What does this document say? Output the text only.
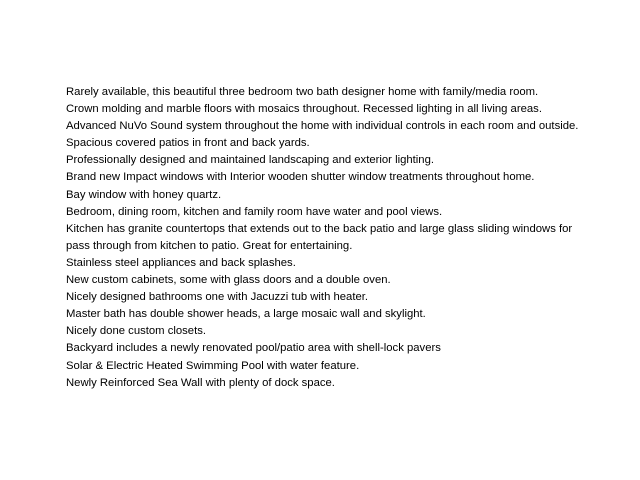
Rarely available, this beautiful three bedroom two bath designer home with family/media room.
Crown molding and marble floors with mosaics throughout. Recessed lighting in all living areas.
Advanced NuVo Sound system throughout the home with individual controls in each room and outside.
Spacious covered patios in front and back yards.
Professionally designed and maintained landscaping and exterior lighting.
Brand new Impact windows with Interior wooden shutter window treatments throughout home.
Bay window with honey quartz.
Bedroom, dining room, kitchen and family room have water and pool views.
Kitchen has granite countertops that extends out to the back patio and large glass sliding windows for pass through from kitchen to patio. Great for entertaining.
Stainless steel appliances and back splashes.
New custom cabinets, some with glass doors and a double oven.
Nicely designed bathrooms one with Jacuzzi tub with heater.
Master bath has double shower heads, a large mosaic wall and skylight.
Nicely done custom closets.
Backyard includes a newly renovated pool/patio area with shell-lock pavers
Solar & Electric Heated Swimming Pool with water feature.
Newly Reinforced Sea Wall with plenty of dock space.
